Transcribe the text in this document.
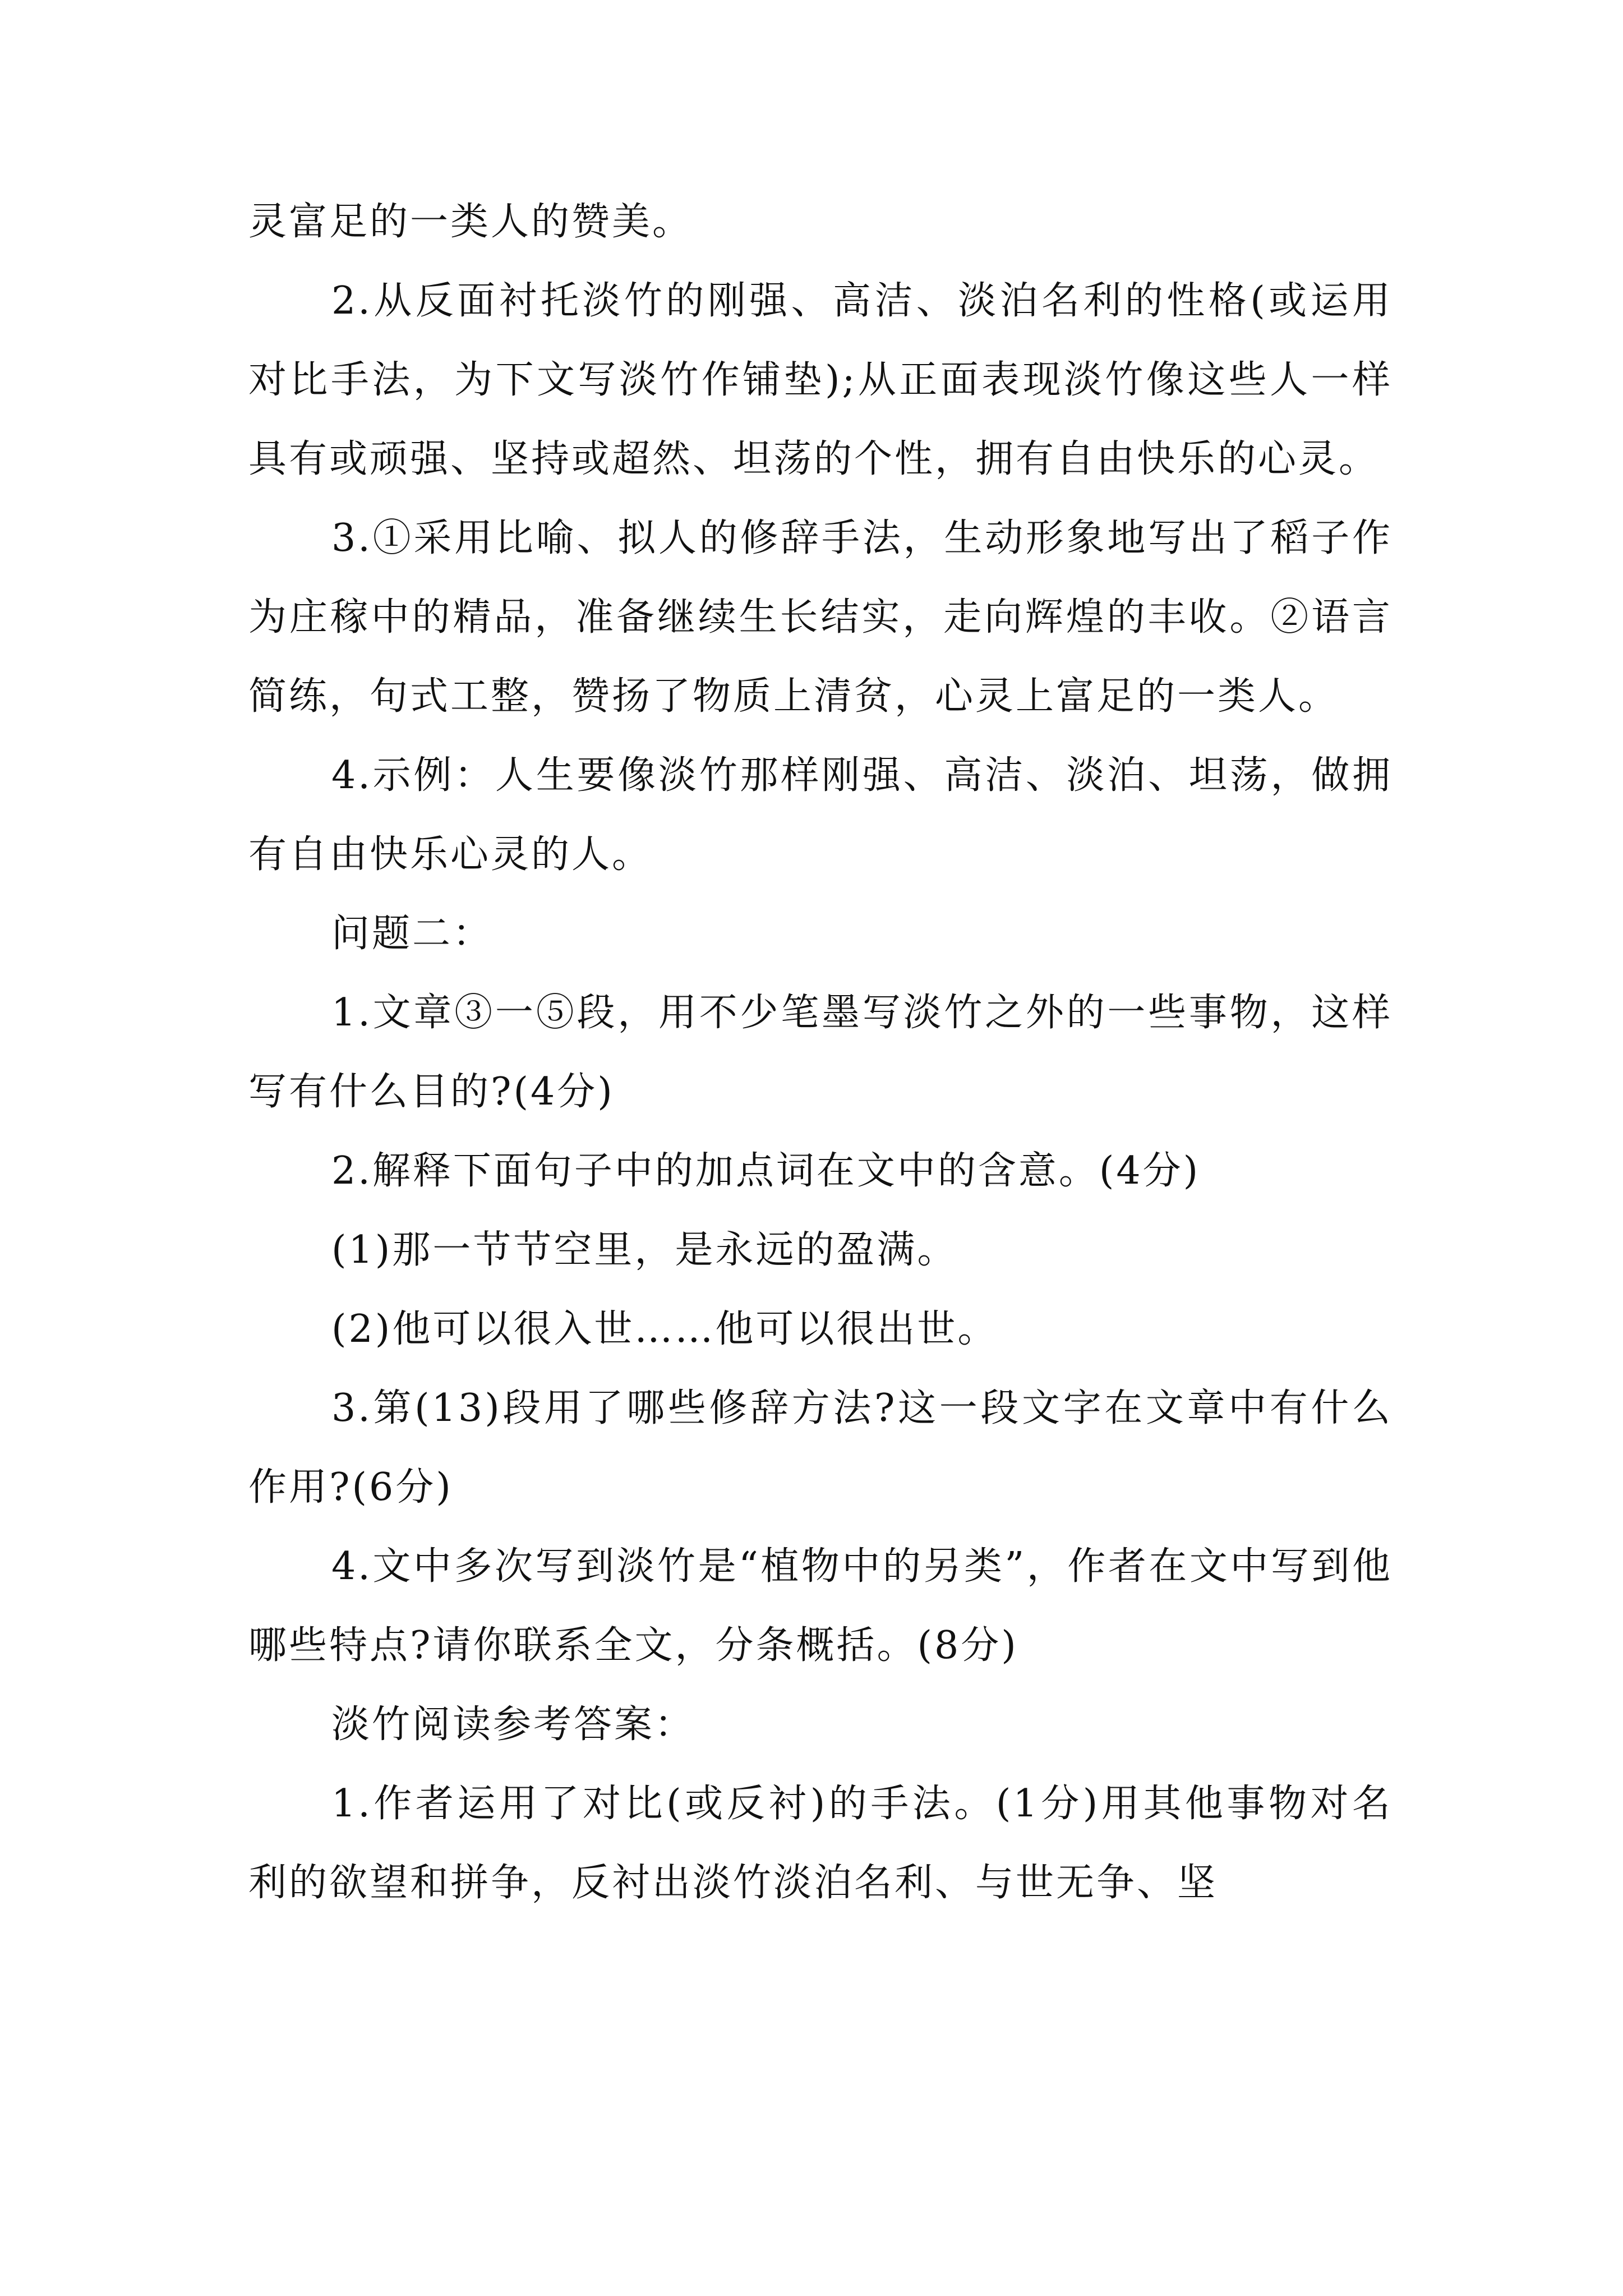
灵富足的一类人的赞美。

2.从反面衬托淡竹的刚强、高洁、淡泊名利的性格(或运用对比手法，为下文写淡竹作铺垫);从正面表现淡竹像这些人一样具有或顽强、坚持或超然、坦荡的个性，拥有自由快乐的心灵。

3.①采用比喻、拟人的修辞手法，生动形象地写出了稻子作为庄稼中的精品，准备继续生长结实，走向辉煌的丰收。②语言简练，句式工整，赞扬了物质上清贫，心灵上富足的一类人。

4.示例：人生要像淡竹那样刚强、高洁、淡泊、坦荡，做拥有自由快乐心灵的人。

问题二：

1.文章③一⑤段，用不少笔墨写淡竹之外的一些事物，这样写有什么目的?(4分)

2.解释下面句子中的加点词在文中的含意。(4分)

(1)那一节节空里，是永远的盈满。

(2)他可以很入世……他可以很出世。

3.第(13)段用了哪些修辞方法?这一段文字在文章中有什么作用?(6分)

4.文中多次写到淡竹是“植物中的另类”，作者在文中写到他哪些特点?请你联系全文，分条概括。(8分)

淡竹阅读参考答案：

1.作者运用了对比(或反衬)的手法。(1分)用其他事物对名利的欲望和拼争，反衬出淡竹淡泊名利、与世无争、坚
